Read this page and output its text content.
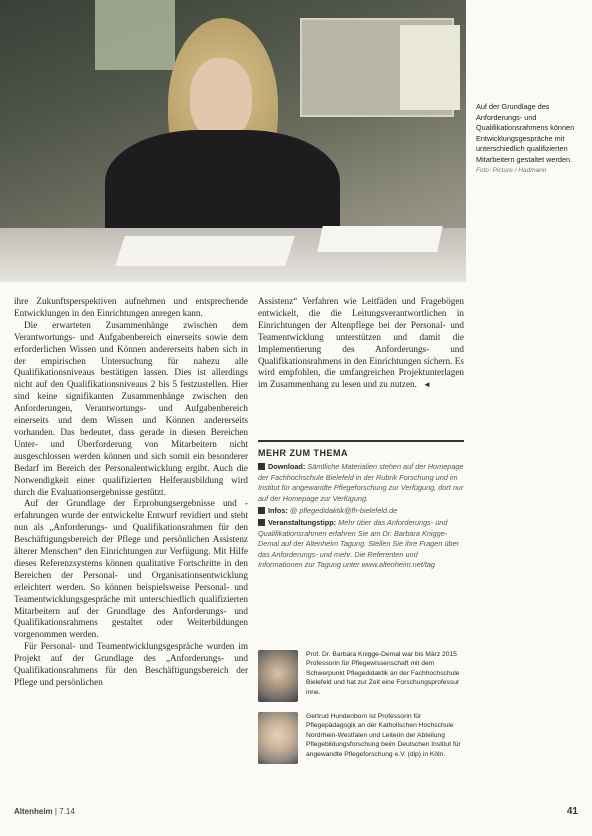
Auf der Grundlage des Anforderungs- und Qualifikationsrahmens können Entwicklungsgespräche mit unterschiedlich qualifizierten Mitarbeitern gestaltet werden.
Foto: Picture / Hadmann

ihre Zukunftsperspektiven aufnehmen und entsprechende Entwicklungen in den Einrichtungen anregen kann.

Die erwarteten Zusammenhänge zwischen dem Verantwortungs- und Aufgabenbereich einerseits sowie dem erforderlichen Wissen und Können andererseits haben sich in der empirischen Untersuchung für nahezu alle Qualifikationsniveaus bestätigen lassen. Dies ist allerdings nicht auf den Qualifikationsniveaus 2 bis 5 festzustellen. Hier sind keine signifikanten Zusammenhänge zwischen den Anforderungen, Verantwortungs- und Aufgabenbereich einerseits und dem Wissen und Können andererseits vorhanden. Das bedeutet, dass gerade in diesen Bereichen Unter- und Überforderung von Mitarbeitern nicht ausgeschlossen werden können und sich somit ein besonderer Bedarf im Bereich der Personalentwicklung ergibt. Auch die Notwendigkeit einer qualifizierten Helferausbildung wird durch die Evaluationsergebnisse gestützt.

Auf der Grundlage der Erprobungsergebnisse und -erfahrungen wurde der entwickelte Entwurf revidiert und steht nun als „Anforderungs- und Qualifikationsrahmen für den Beschäftigungsbereich der Pflege und persönlichen Assistenz älterer Menschen“ den Einrichtungen zur Verfügung. Mit Hilfe dieses Referenzsystems können qualitative Fortschritte in den Bereichen der Personal- und Organisationsentwicklung erleichtert werden. So können beispielsweise Personal- und Teamentwicklungsgespräche mit unterschiedlich qualifizierten Mitarbeitern auf der Grundlage des Anforderungs- und Qualifikationsrahmens gestaltet oder Weiterbildungen vorgenommen werden.

Für Personal- und Teamentwicklungsgespräche wurden im Projekt auf der Grundlage des „Anforderungs- und Qualifikationsrahmens für den Beschäftigungsbereich der Pflege und persönlichen

Assistenz“ Verfahren wie Leitfäden und Fragebögen entwickelt, die die Leitungsverantwortlichen in Einrichtungen der Altenpflege bei der Personal- und Teamentwicklung unterstützen und damit die Implementierung des Anforderungs- und Qualifikationsrahmens in den Einrichtungen sichern. Es wird empfohlen, die umfangreichen Projektunterlagen im Zusammenhang zu lesen und zu nutzen. ◄

MEHR ZUM THEMA
Download: Sämtliche Materialien stehen auf der Homepage der Fachhochschule Bielefeld in der Rubrik Forschung und im Institut für angewandte Pflegeforschung zur Verfügung, dort nur auf der Homepage zur Verfügung.
Infos: @ pflegedidaktik@fh-bielefeld.de
Veranstaltungstipp: Mehr über das Anforderungs- und Qualifikationsrahmen erfahren Sie am Dr. Barbara Knigge-Demal auf der Altenheim Tagung. Stellen Sie ihre Fragen über das Anforderungs- und mehr. Die Referenten und Informationen zur Tagung unter www.altenheim.net/tag
Prof. Dr. Barbara Knigge-Demal war bis März 2015 Professorin für Pflegewissenschaft mit dem Schwerpunkt Pflegedidaktik an der Fachhochschule Bielefeld und hat zur Zeit eine Forschungsprofessur inne.
Gertrud Hundenborn ist Professorin für Pflegepädagogik an der Katholischen Hochschule Nordrhein-Westfalen und Leiterin der Abteilung Pflegebildungsforschung beim Deutschen Institut für angewandte Pflegeforschung e.V. (dip) in Köln.
Altenheim | 7.14	41
